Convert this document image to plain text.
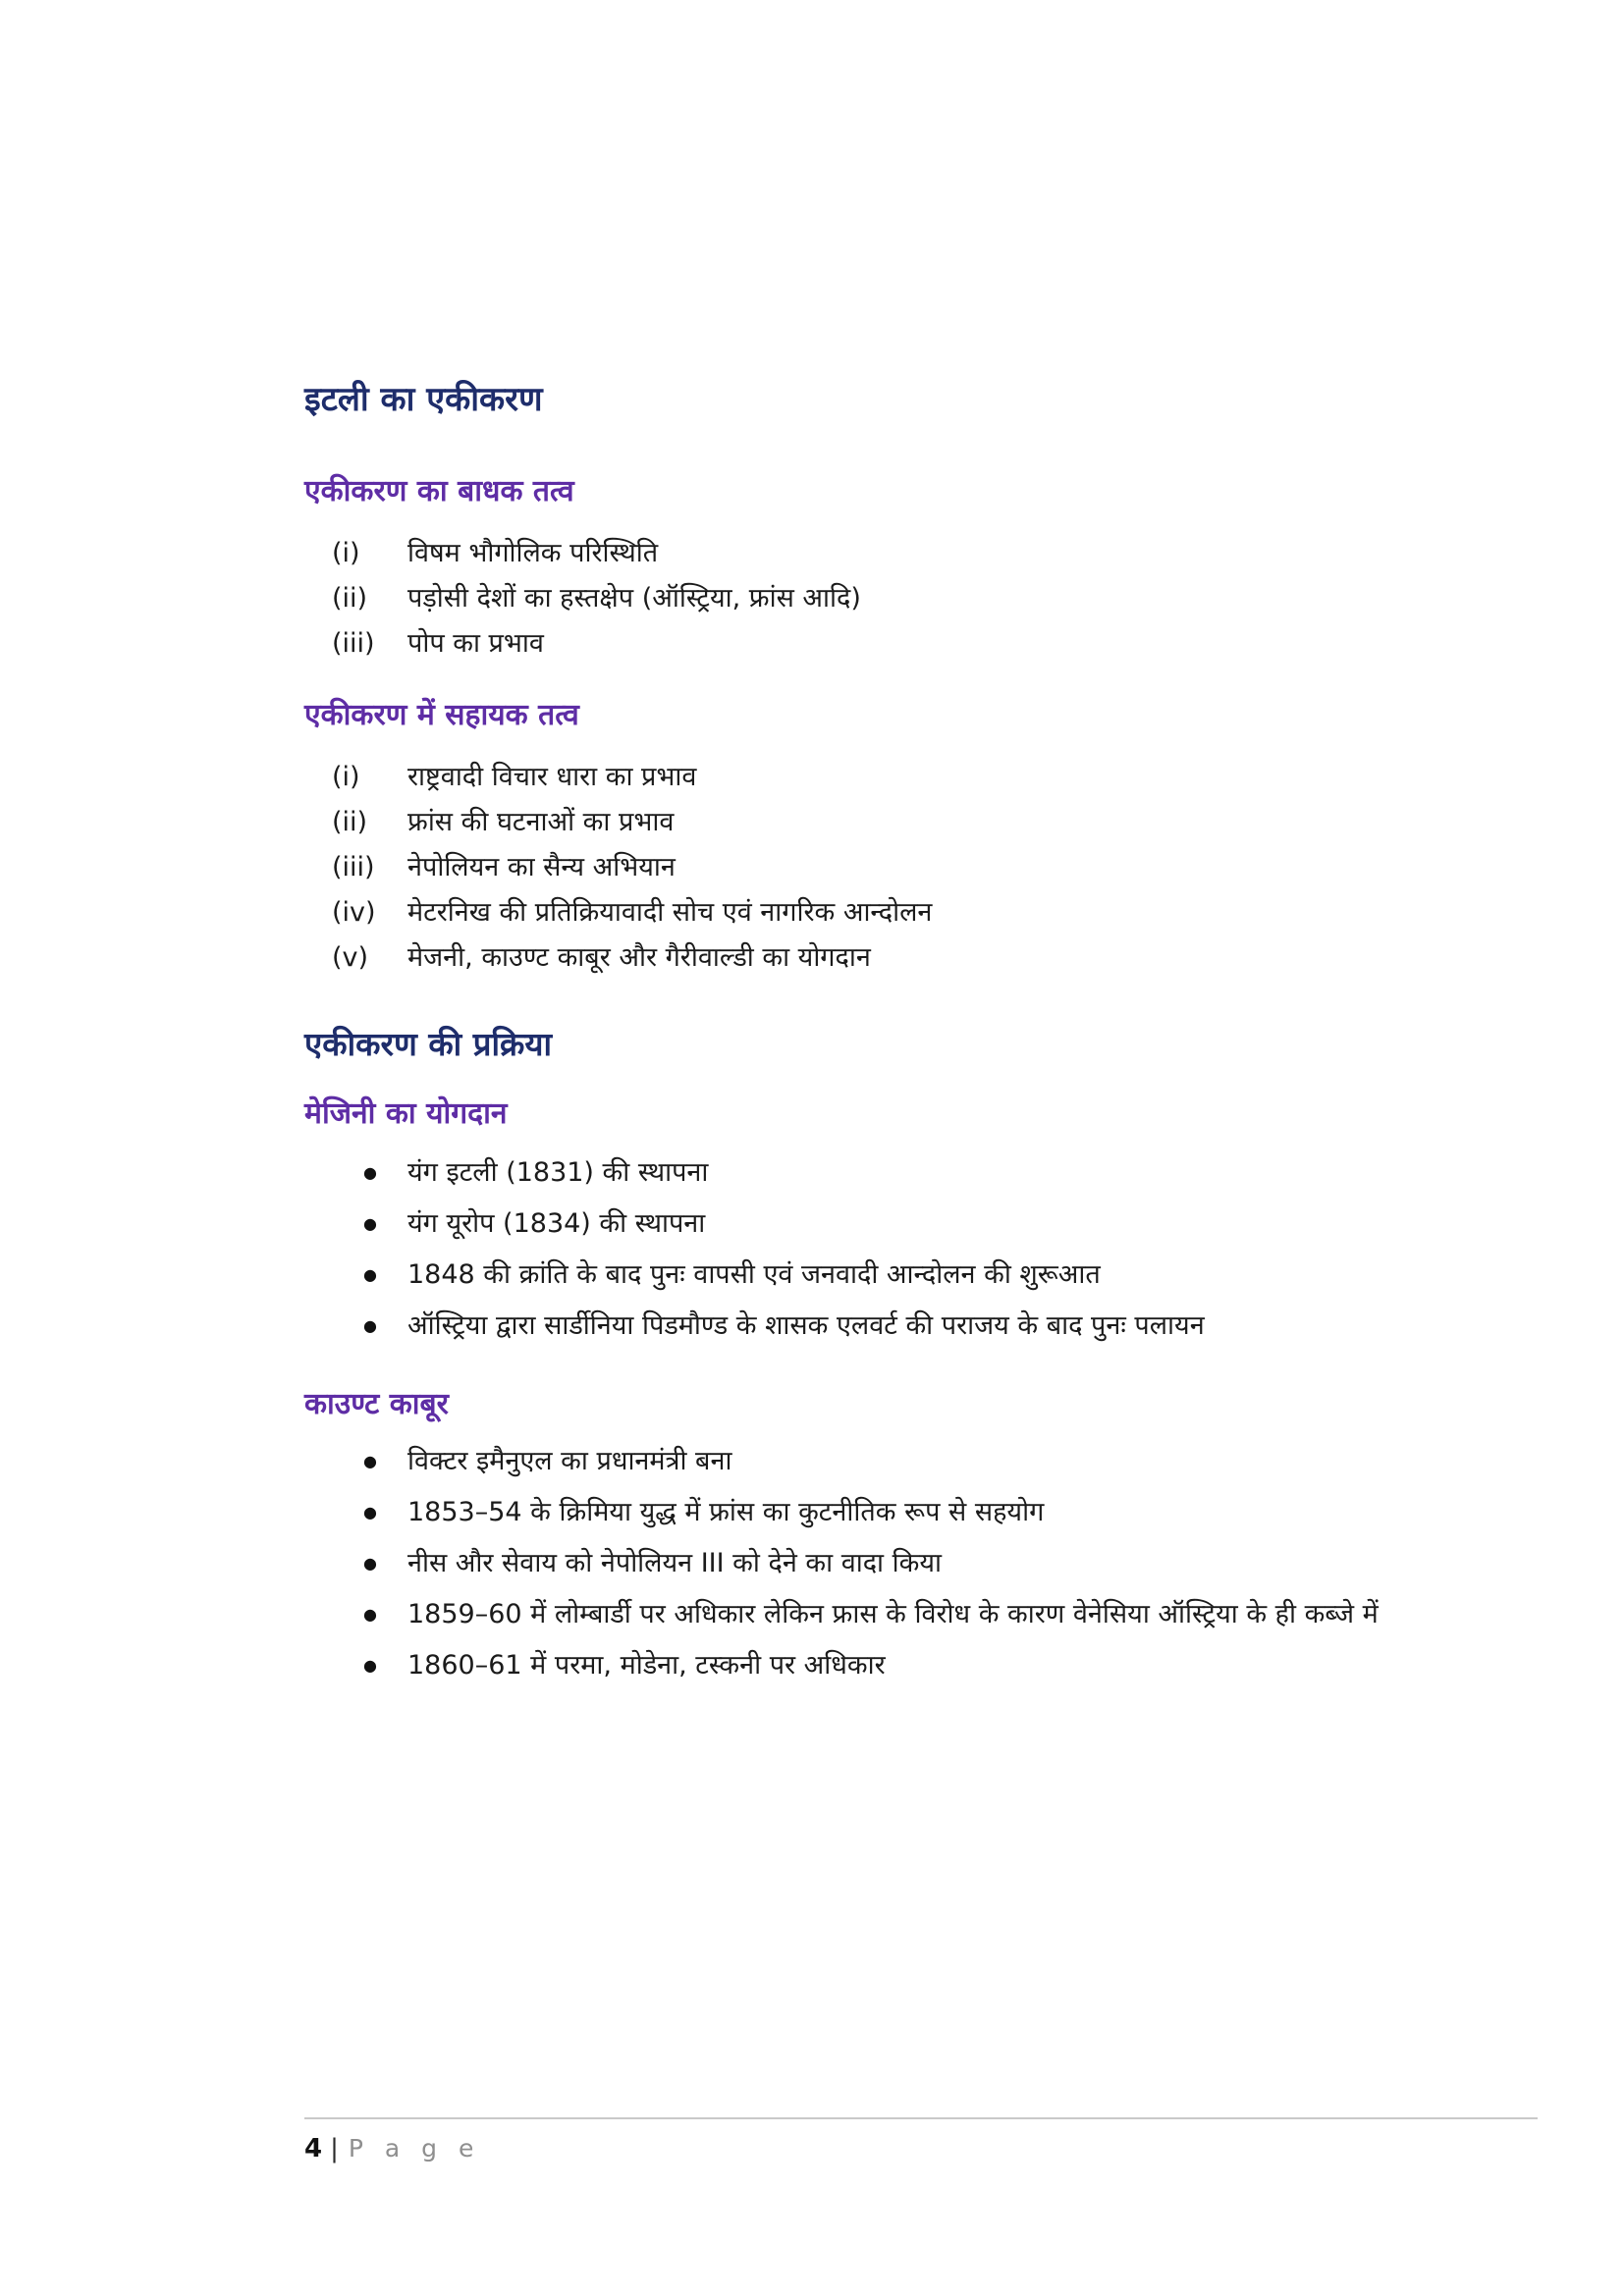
इटली का एकीकरण
एकीकरण का बाधक तत्व
(i)	विषम भौगोलिक परिस्थिति
(ii)	पड़ोसी देशों का हस्तक्षेप (ऑस्ट्रिया, फ्रांस आदि)
(iii)	पोप का प्रभाव
एकीकरण में सहायक तत्व
(i)	राष्ट्रवादी विचार धारा का प्रभाव
(ii)	फ्रांस की घटनाओं का प्रभाव
(iii)	नेपोलियन का सैन्य अभियान
(iv)	मेटरनिख की प्रतिक्रियावादी सोच एवं नागरिक आन्दोलन
(v)	मेजनी, काउण्ट काबूर और गैरीवाल्डी का योगदान
एकीकरण की प्रक्रिया
मेजिनी का योगदान
●	यंग इटली (1831) की स्थापना
●	यंग यूरोप (1834) की स्थापना
●	1848 की क्रांति के बाद पुनः वापसी एवं जनवादी आन्दोलन की शुरूआत
●	ऑस्ट्रिया द्वारा सार्डीनिया पिडमौण्ड के शासक एलवर्ट की पराजय के बाद पुनः पलायन
काउण्ट काबूर
●	विक्टर इमैनुएल का प्रधानमंत्री बना
●	1853–54 के क्रिमिया युद्ध में फ्रांस का कुटनीतिक रूप से सहयोग
●	नीस और सेवाय को नेपोलियन III को देने का वादा किया
●	1859–60 में लोम्बार्डी पर अधिकार लेकिन फ्रास के विरोध के कारण वेनेसिया ऑस्ट्रिया के ही कब्जे में
●	1860–61 में परमा, मोडेना, टस्कनी पर अधिकार
4 | P a g e
